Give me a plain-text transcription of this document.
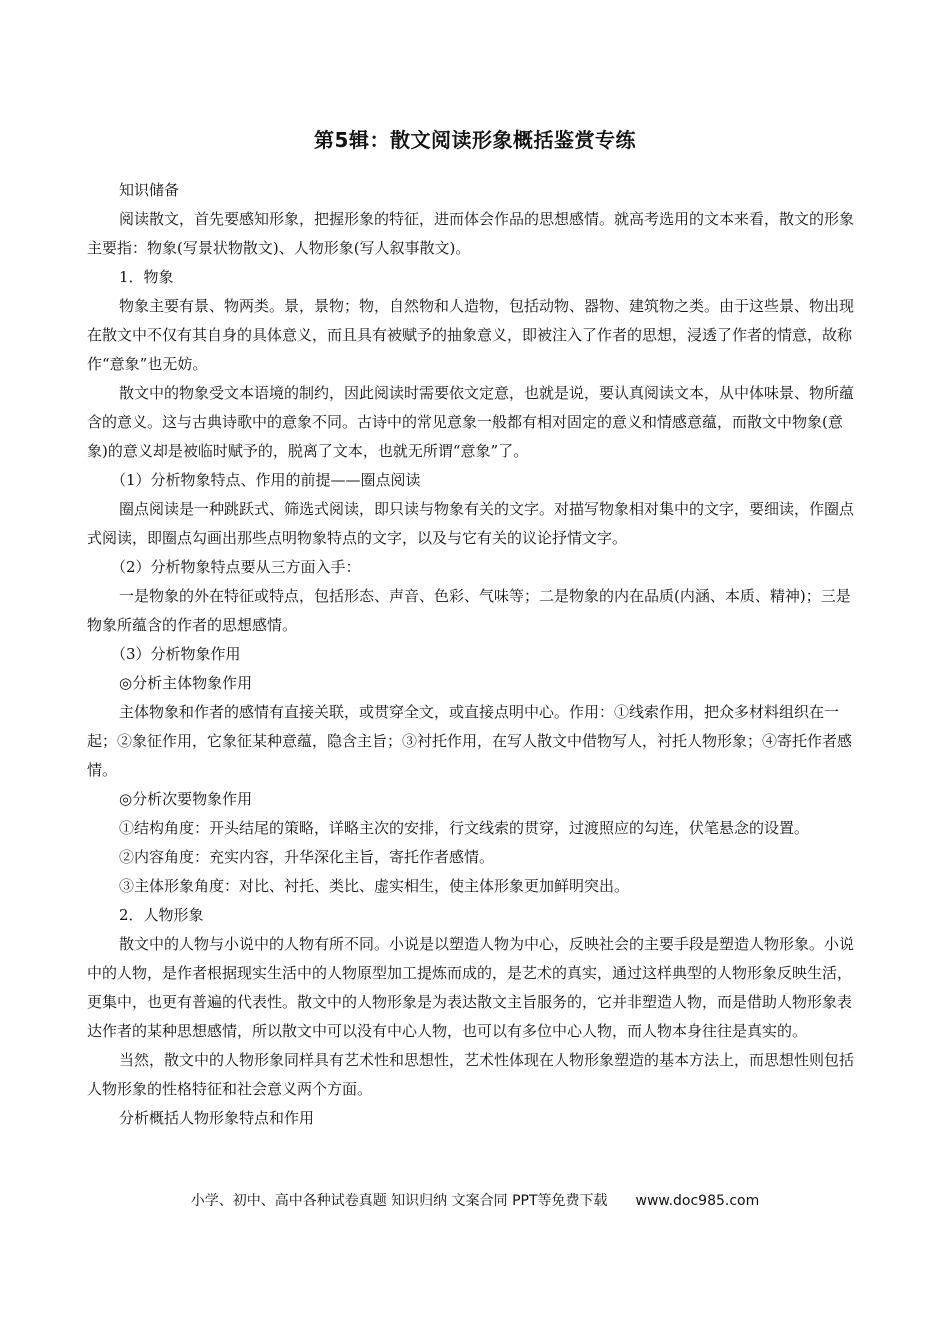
第5辑：散文阅读形象概括鉴赏专练

知识储备

阅读散文，首先要感知形象，把握形象的特征，进而体会作品的思想感情。就高考选用的文本来看，散文的形象主要指：物象(写景状物散文)、人物形象(写人叙事散文)。

1．物象

物象主要有景、物两类。景，景物；物，自然物和人造物，包括动物、器物、建筑物之类。由于这些景、物出现在散文中不仅有其自身的具体意义，而且具有被赋予的抽象意义，即被注入了作者的思想，浸透了作者的情意，故称作“意象”也无妨。

散文中的物象受文本语境的制约，因此阅读时需要依文定意，也就是说，要认真阅读文本，从中体味景、物所蕴含的意义。这与古典诗歌中的意象不同。古诗中的常见意象一般都有相对固定的意义和情感意蕴，而散文中物象(意象)的意义却是被临时赋予的，脱离了文本，也就无所谓“意象”了。

（1）分析物象特点、作用的前提——圈点阅读

圈点阅读是一种跳跃式、筛选式阅读，即只读与物象有关的文字。对描写物象相对集中的文字，要细读，作圈点式阅读，即圈点勾画出那些点明物象特点的文字，以及与它有关的议论抒情文字。

（2）分析物象特点要从三方面入手：

一是物象的外在特征或特点，包括形态、声音、色彩、气味等；二是物象的内在品质(内涵、本质、精神)；三是物象所蕴含的作者的思想感情。

（3）分析物象作用

◎分析主体物象作用

主体物象和作者的感情有直接关联，或贯穿全文，或直接点明中心。作用：①线索作用，把众多材料组织在一起；②象征作用，它象征某种意蕴，隐含主旨；③衬托作用，在写人散文中借物写人，衬托人物形象；④寄托作者感情。

◎分析次要物象作用

①结构角度：开头结尾的策略，详略主次的安排，行文线索的贯穿，过渡照应的勾连，伏笔悬念的设置。

②内容角度：充实内容，升华深化主旨，寄托作者感情。

③主体形象角度：对比、衬托、类比、虚实相生，使主体形象更加鲜明突出。

2．人物形象

散文中的人物与小说中的人物有所不同。小说是以塑造人物为中心，反映社会的主要手段是塑造人物形象。小说中的人物，是作者根据现实生活中的人物原型加工提炼而成的，是艺术的真实，通过这样典型的人物形象反映生活，更集中，也更有普遍的代表性。散文中的人物形象是为表达散文主旨服务的，它并非塑造人物，而是借助人物形象表达作者的某种思想感情，所以散文中可以没有中心人物，也可以有多位中心人物，而人物本身往往是真实的。

当然，散文中的人物形象同样具有艺术性和思想性，艺术性体现在人物形象塑造的基本方法上，而思想性则包括人物形象的性格特征和社会意义两个方面。

分析概括人物形象特点和作用

小学、初中、高中各种试卷真题 知识归纳 文案合同 PPT等免费下载 www.doc985.com
